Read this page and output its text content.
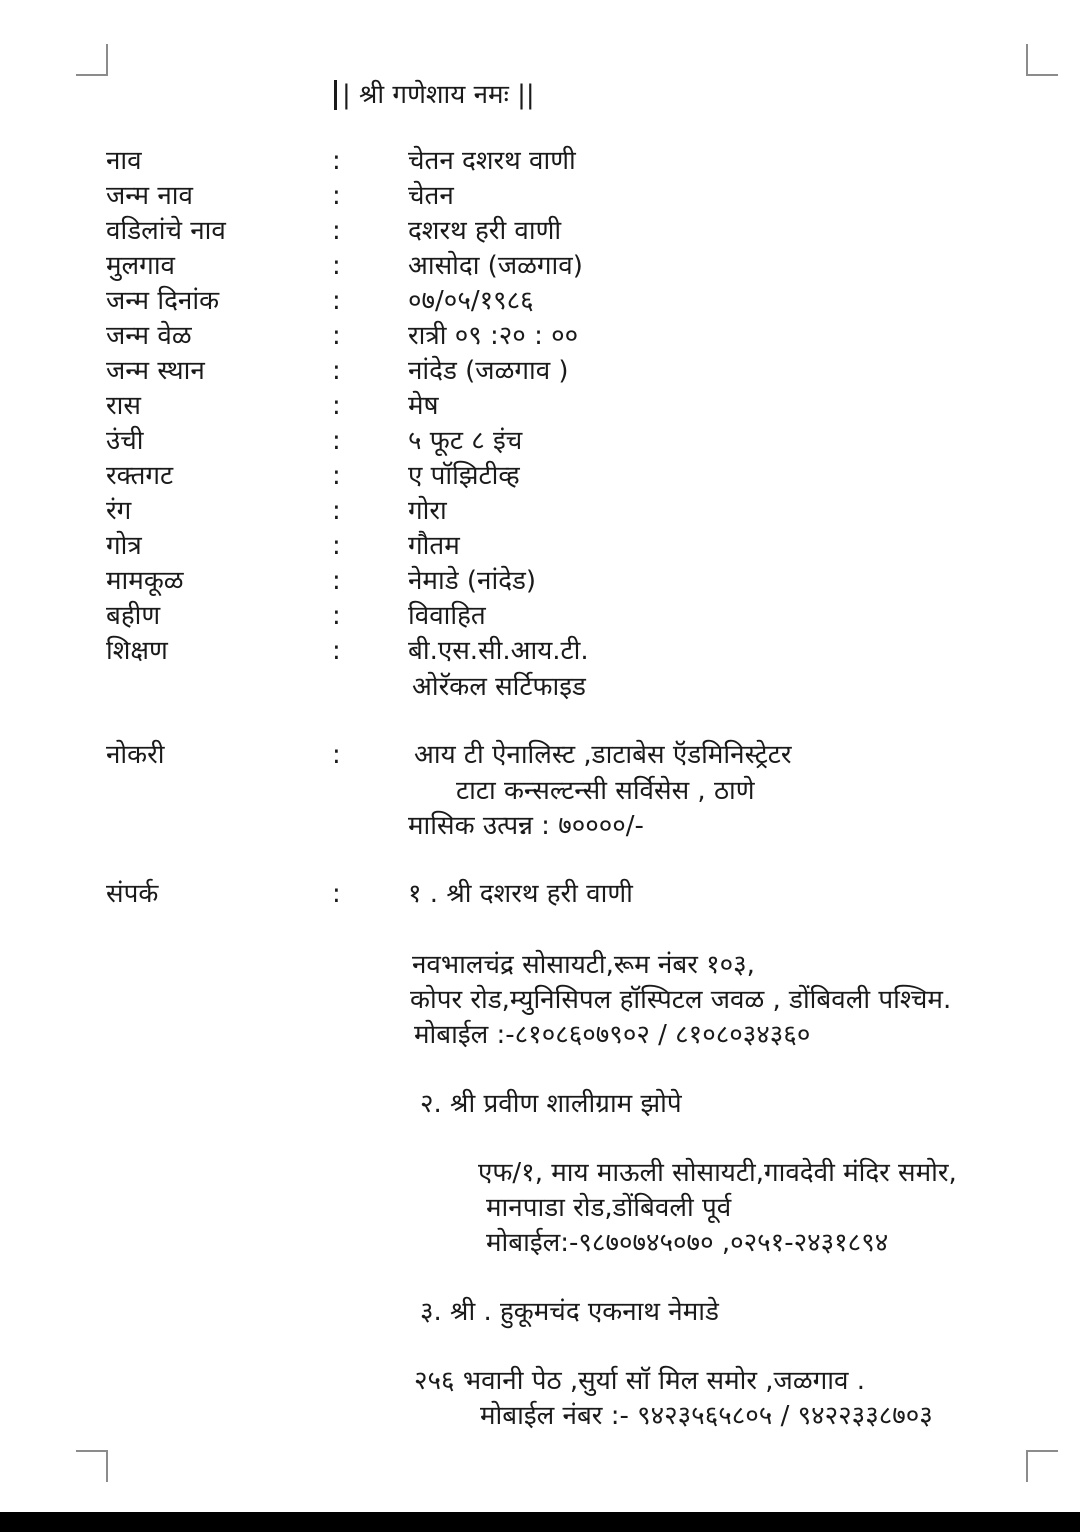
| श्री गणेशाय नमः ||
नाव	:	चेतन दशरथ वाणी
जन्म नाव	:	चेतन
वडिलांचे नाव	:	दशरथ हरी वाणी
मुलगाव	:	आसोदा (जळगाव)
जन्म दिनांक	:	०७/०५/१९८६
जन्म वेळ	:	रात्री ०९ :२० : ००
जन्म स्थान	:	नांदेड (जळगाव )
रास	:	मेष
उंची	:	५ फूट ८ इंच
रक्तगट	:	ए पॉझिटीव्ह
रंग	:	गोरा
गोत्र	:	गौतम
मामकूळ	:	नेमाडे (नांदेड)
बहीण	:	विवाहित
शिक्षण	:	बी.एस.सी.आय.टी.
ओरॅकल सर्टिफाइड
नोकरी	:	आय टी ऐनालिस्ट ,डाटाबेस ऍडमिनिस्ट्रेटर
टाटा कन्सल्टन्सी सर्विसेस , ठाणे
मासिक उत्पन्न : ७००००/-
संपर्क	:	१ . श्री दशरथ हरी वाणी
नवभालचंद्र सोसायटी,रूम नंबर १०३,
कोपर रोड,म्युनिसिपल हॉस्पिटल जवळ , डोंबिवली पश्चिम.
मोबाईल :-८१०८६०७९०२ / ८१०८०३४३६०
२. श्री प्रवीण शालीग्राम झोपे
एफ/१, माय माऊली सोसायटी,गावदेवी मंदिर समोर,
मानपाडा रोड,डोंबिवली पूर्व
मोबाईल:-९८७०७४५०७० ,०२५१-२४३१८९४
३. श्री . हुकूमचंद एकनाथ नेमाडे
२५६ भवानी पेठ ,सुर्या सॉ मिल समोर ,जळगाव .
मोबाईल नंबर :- ९४२३५६५८०५ / ९४२२३३८७०३
